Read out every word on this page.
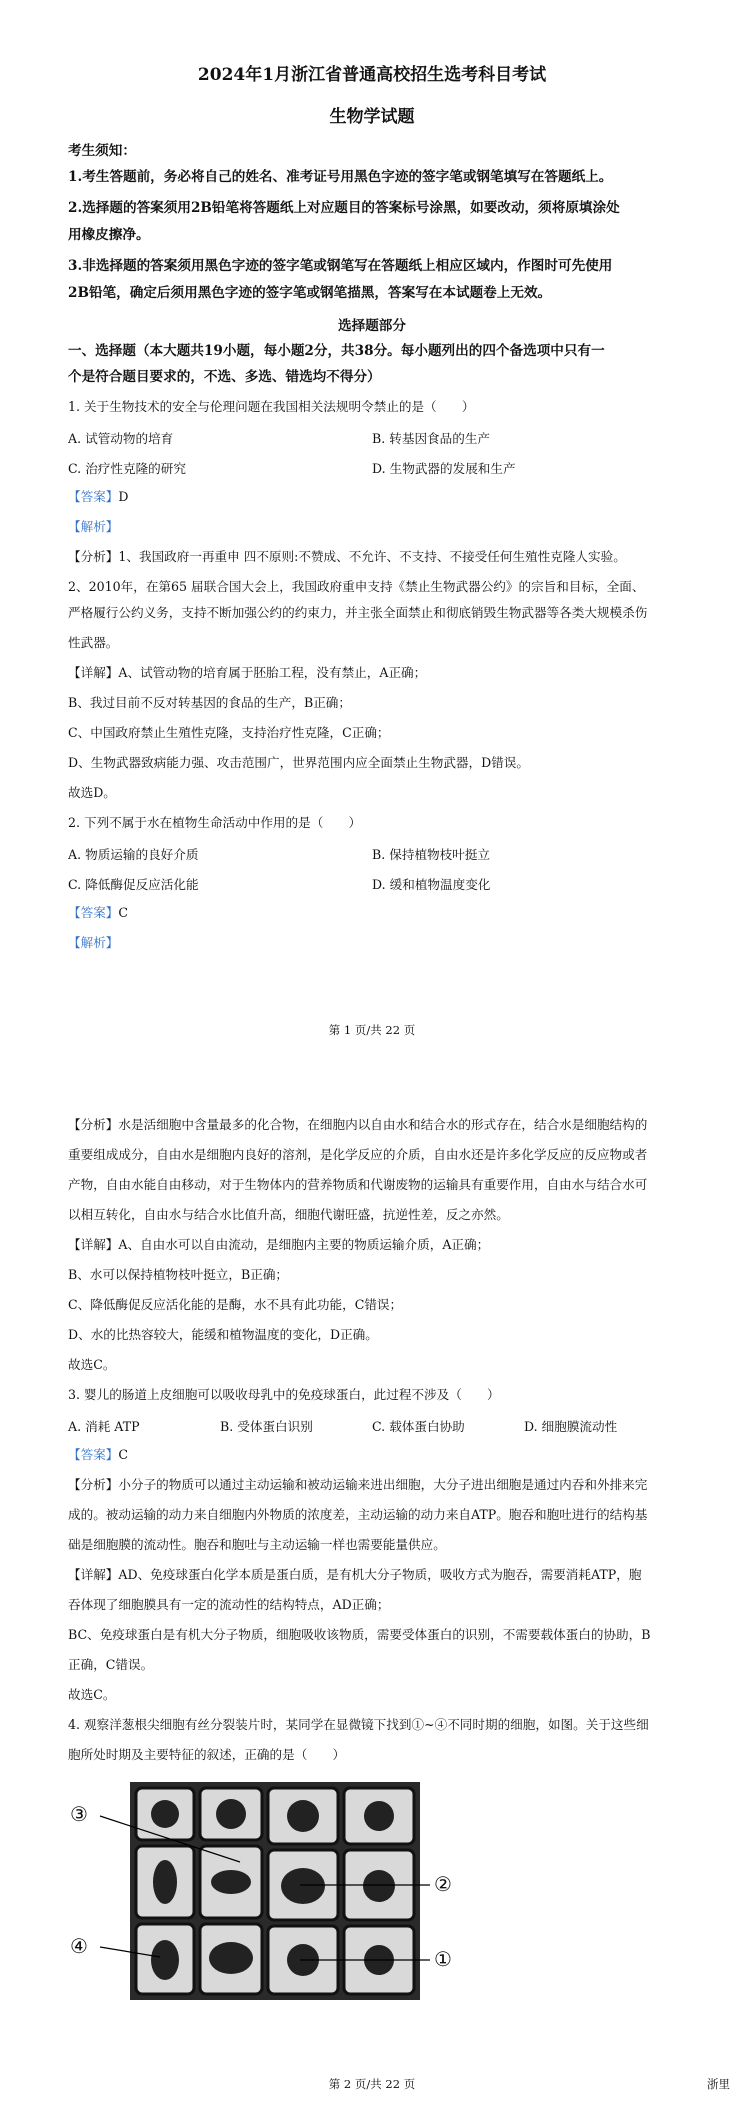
2024年1月浙江省普通高校招生选考科目考试
生物学试题
考生须知：
1.考生答题前，务必将自己的姓名、准考证号用黑色字迹的签字笔或钢笔填写在答题纸上。
2.选择题的答案须用2B铅笔将答题纸上对应题目的答案标号涂黑，如要改动，须将原填涂处
用橡皮擦净。
3.非选择题的答案须用黑色字迹的签字笔或钢笔写在答题纸上相应区域内，作图时可先使用
2B铅笔，确定后须用黑色字迹的签字笔或钢笔描黑，答案写在本试题卷上无效。
选择题部分
一、选择题（本大题共19小题，每小题2分，共38分。每小题列出的四个备选项中只有一
个是符合题目要求的，不选、多选、错选均不得分）
1. 关于生物技术的安全与伦理问题在我国相关法规明令禁止的是（　　）
A. 试管动物的培育	B. 转基因食品的生产
C. 治疗性克隆的研究	D. 生物武器的发展和生产
【答案】D
【解析】
【分析】1、我国政府一再重申 四不原则:不赞成、不允许、不支持、不接受任何生殖性克隆人实验。
2、2010年，在第65 届联合国大会上，我国政府重申支持《禁止生物武器公约》的宗旨和目标，全面、
严格履行公约义务，支持不断加强公约的约束力，并主张全面禁止和彻底销毁生物武器等各类大规模杀伤
性武器。
【详解】A、试管动物的培育属于胚胎工程，没有禁止，A正确；
B、我过目前不反对转基因的食品的生产，B正确；
C、中国政府禁止生殖性克隆，支持治疗性克隆，C正确；
D、生物武器致病能力强、攻击范围广，世界范围内应全面禁止生物武器，D错误。
故选D。
2. 下列不属于水在植物生命活动中作用的是（　　）
A. 物质运输的良好介质	B. 保持植物枝叶挺立
C. 降低酶促反应活化能	D. 缓和植物温度变化
【答案】C
【解析】
第 1 页/共 22 页
【分析】水是活细胞中含量最多的化合物，在细胞内以自由水和结合水的形式存在，结合水是细胞结构的
重要组成成分，自由水是细胞内良好的溶剂，是化学反应的介质，自由水还是许多化学反应的反应物或者
产物，自由水能自由移动，对于生物体内的营养物质和代谢废物的运输具有重要作用，自由水与结合水可
以相互转化，自由水与结合水比值升高，细胞代谢旺盛，抗逆性差，反之亦然。
【详解】A、自由水可以自由流动，是细胞内主要的物质运输介质，A正确；
B、水可以保持植物枝叶挺立，B正确；
C、降低酶促反应活化能的是酶，水不具有此功能，C错误；
D、水的比热容较大，能缓和植物温度的变化，D正确。
故选C。
3. 婴儿的肠道上皮细胞可以吸收母乳中的免疫球蛋白，此过程不涉及（　　）
A. 消耗 ATP	B. 受体蛋白识别	C. 载体蛋白协助	D. 细胞膜流动性
【答案】C
【分析】小分子的物质可以通过主动运输和被动运输来进出细胞，大分子进出细胞是通过内吞和外排来完
成的。被动运输的动力来自细胞内外物质的浓度差，主动运输的动力来自ATP。胞吞和胞吐进行的结构基
础是细胞膜的流动性。胞吞和胞吐与主动运输一样也需要能量供应。
【详解】AD、免疫球蛋白化学本质是蛋白质，是有机大分子物质，吸收方式为胞吞，需要消耗ATP，胞
吞体现了细胞膜具有一定的流动性的结构特点，AD正确；
BC、免疫球蛋白是有机大分子物质，细胞吸收该物质，需要受体蛋白的识别，不需要载体蛋白的协助，B
正确，C错误。
故选C。
4. 观察洋葱根尖细胞有丝分裂装片时，某同学在显微镜下找到①~④不同时期的细胞，如图。关于这些细
胞所处时期及主要特征的叙述，正确的是（　　）
③
②
④
①
第 2 页/共 22 页	浙里
